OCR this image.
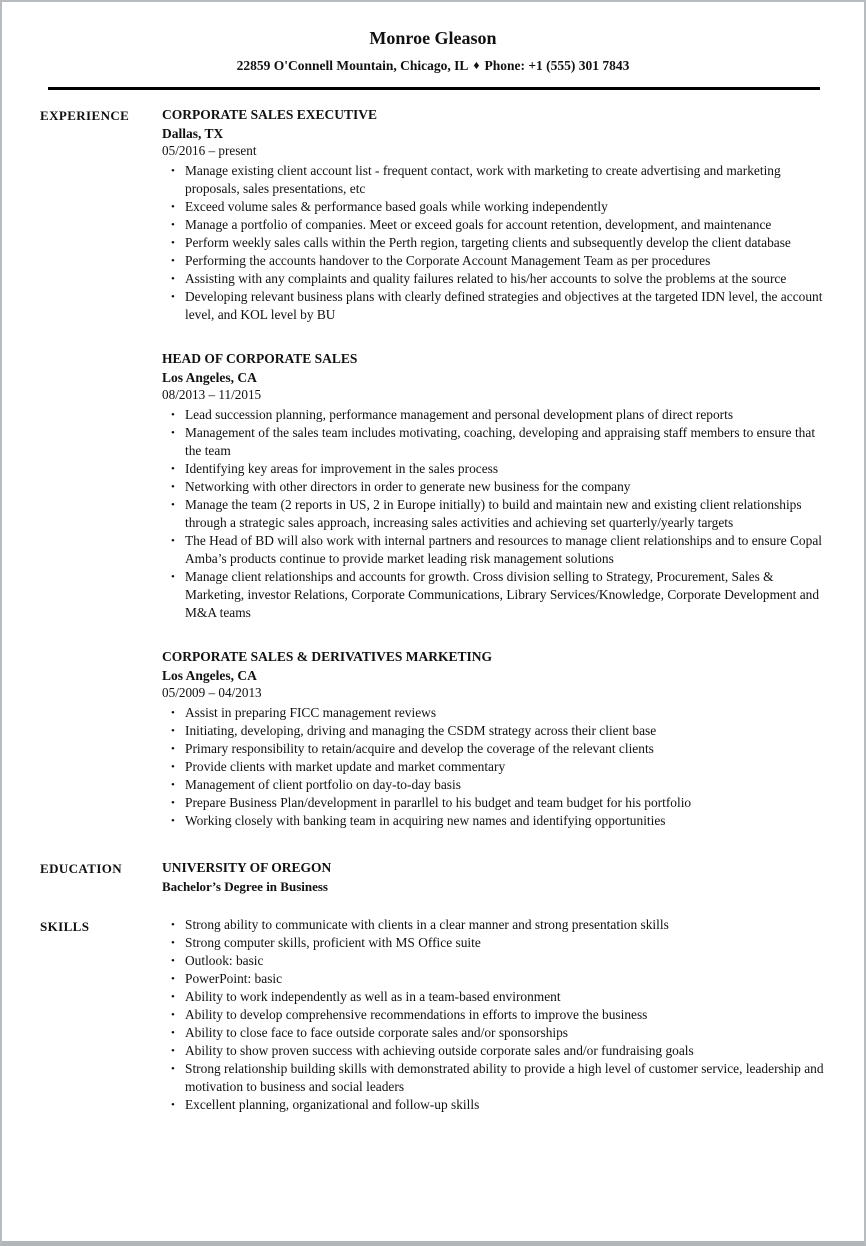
Monroe Gleason
22859 O'Connell Mountain, Chicago, IL ♦ Phone: +1 (555) 301 7843
EXPERIENCE	CORPORATE SALES EXECUTIVE
Dallas, TX
05/2016 – present
• Manage existing client account list - frequent contact, work with marketing to create advertising and marketing proposals, sales presentations, etc
• Exceed volume sales & performance based goals while working independently
• Manage a portfolio of companies. Meet or exceed goals for account retention, development, and maintenance
• Perform weekly sales calls within the Perth region, targeting clients and subsequently develop the client database
• Performing the accounts handover to the Corporate Account Management Team as per procedures
• Assisting with any complaints and quality failures related to his/her accounts to solve the problems at the source
• Developing relevant business plans with clearly defined strategies and objectives at the targeted IDN level, the account level, and KOL level by BU
HEAD OF CORPORATE SALES
Los Angeles, CA
08/2013 – 11/2015
• Lead succession planning, performance management and personal development plans of direct reports
• Management of the sales team includes motivating, coaching, developing and appraising staff members to ensure that the team
• Identifying key areas for improvement in the sales process
• Networking with other directors in order to generate new business for the company
• Manage the team (2 reports in US, 2 in Europe initially) to build and maintain new and existing client relationships through a strategic sales approach, increasing sales activities and achieving set quarterly/yearly targets
• The Head of BD will also work with internal partners and resources to manage client relationships and to ensure Copal Amba’s products continue to provide market leading risk management solutions
• Manage client relationships and accounts for growth. Cross division selling to Strategy, Procurement, Sales & Marketing, investor Relations, Corporate Communications, Library Services/Knowledge, Corporate Development and M&A teams
CORPORATE SALES & DERIVATIVES MARKETING
Los Angeles, CA
05/2009 – 04/2013
• Assist in preparing FICC management reviews
• Initiating, developing, driving and managing the CSDM strategy across their client base
• Primary responsibility to retain/acquire and develop the coverage of the relevant clients
• Provide clients with market update and market commentary
• Management of client portfolio on day-to-day basis
• Prepare Business Plan/development in pararllel to his budget and team budget for his portfolio
• Working closely with banking team in acquiring new names and identifying opportunities
EDUCATION	UNIVERSITY OF OREGON
Bachelor’s Degree in Business
SKILLS	• Strong ability to communicate with clients in a clear manner and strong presentation skills
• Strong computer skills, proficient with MS Office suite
• Outlook: basic
• PowerPoint: basic
• Ability to work independently as well as in a team-based environment
• Ability to develop comprehensive recommendations in efforts to improve the business
• Ability to close face to face outside corporate sales and/or sponsorships
• Ability to show proven success with achieving outside corporate sales and/or fundraising goals
• Strong relationship building skills with demonstrated ability to provide a high level of customer service, leadership and motivation to business and social leaders
• Excellent planning, organizational and follow-up skills
